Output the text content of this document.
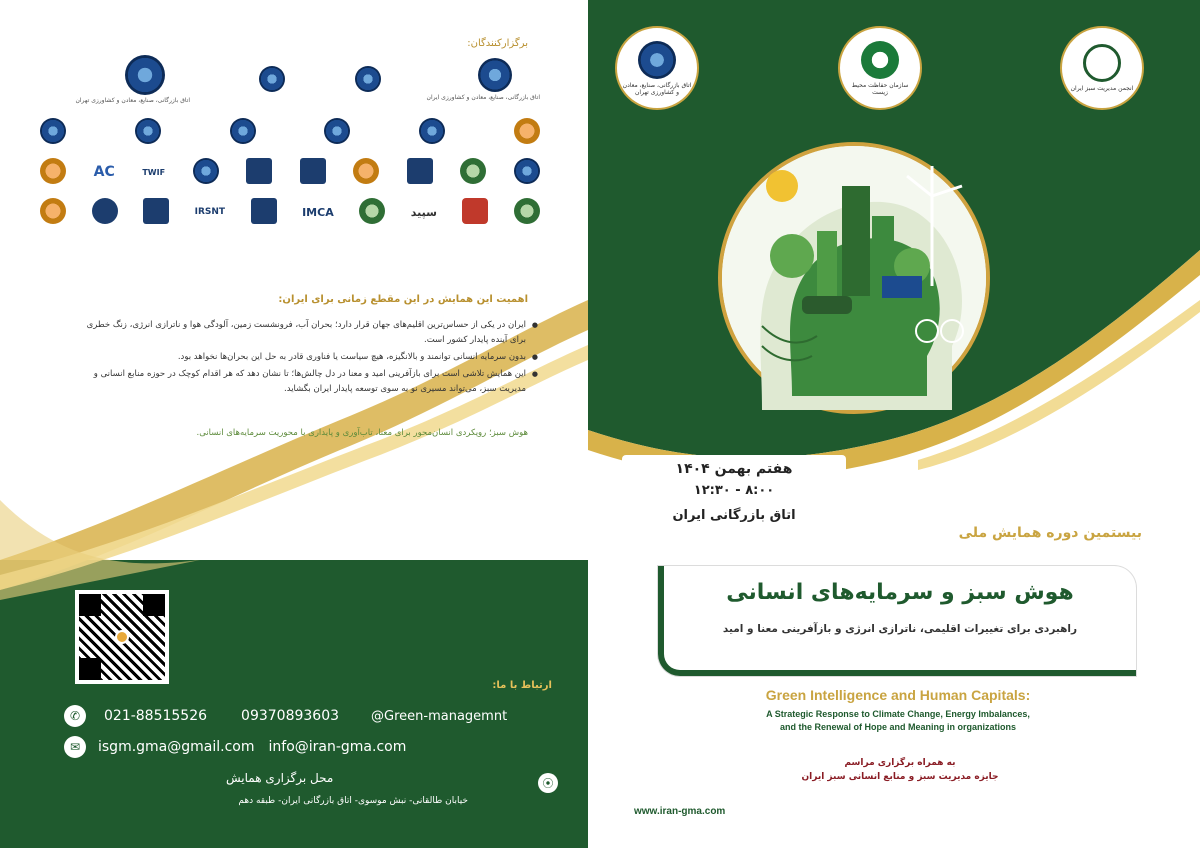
برگزارکنندگان:
اتاق بازرگانی، صنایع، معادن و کشاورزی ایران
اتاق بازرگانی، صنایع، معادن و کشاورزی تهران
TWIF
AC
سپید
IMCA
IRSNT
اهمیت این همایش در این مقطع زمانی برای ایران:
● ایران در یکی از حساس‌ترین اقلیم‌های جهان قرار دارد؛ بحران آب، فرونشست زمین، آلودگی هوا و ناترازی انرژی، زنگ خطری برای آینده پایدار کشور است.
● بدون سرمایه انسانی توانمند و بالانگیزه، هیچ سیاست یا فناوری قادر به حل این بحران‌ها نخواهد بود.
● این همایش تلاشی است برای بازآفرینی امید و معنا در دل چالش‌ها؛ تا نشان دهد که هر اقدام کوچک در حوزه منابع انسانی و مدیریت سبز، می‌تواند مسیری نو به سوی توسعه پایدار ایران بگشاید.
هوش سبز؛ رویکردی انسان‌محور برای معنا، تاب‌آوری و پایداری با محوریت سرمایه‌های انسانی.
ارتباط با ما:
✆	021-88515526 09370893603 @Green-managemnt
✉	isgm.gma@gmail.com info@iran-gma.com
⦿
محل برگزاری همایش
خیابان طالقانی- نبش موسوی- اتاق بازرگانی ایران- طبقه دهم
اتاق بازرگانی، صنایع، معادن و کشاورزی تهران
سازمان حفاظت محیط زیست	انجمن مدیریت سبز ایران
هفتم بهمن ۱۴۰۴
۸:۰۰ - ۱۲:۳۰
اتاق بازرگانی ایران
بیستمین دوره همایش ملی
هوش سبز و سرمایه‌های انسانی
راهبردی برای تغییرات اقلیمی، ناترازی انرژی و بازآفرینی معنا و امید
Green Intelligence and Human Capitals:
A Strategic Response to Climate Change, Energy Imbalances,
and the Renewal of Hope and Meaning in organizations
به همراه برگزاری مراسم
جایزه مدیریت سبز و منابع انسانی سبز ایران
www.iran-gma.com
